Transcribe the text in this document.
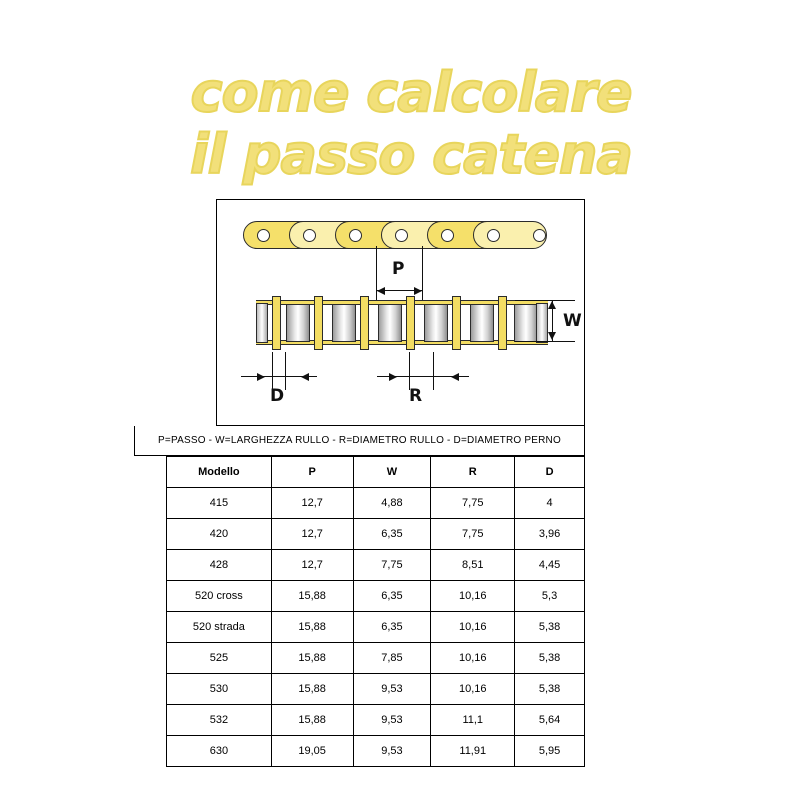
come calcolare
il passo catena
P
W
D	R
P=PASSO - W=LARGHEZZA RULLO - R=DIAMETRO RULLO - D=DIAMETRO PERNO
Modello	P	W	R	D
415	12,7	4,88	7,75	4
420	12,7	6,35	7,75	3,96
428	12,7	7,75	8,51	4,45
520 cross	15,88	6,35	10,16	5,3
520 strada	15,88	6,35	10,16	5,38
525	15,88	7,85	10,16	5,38
530	15,88	9,53	10,16	5,38
532	15,88	9,53	11,1	5,64
630	19,05	9,53	11,91	5,95
